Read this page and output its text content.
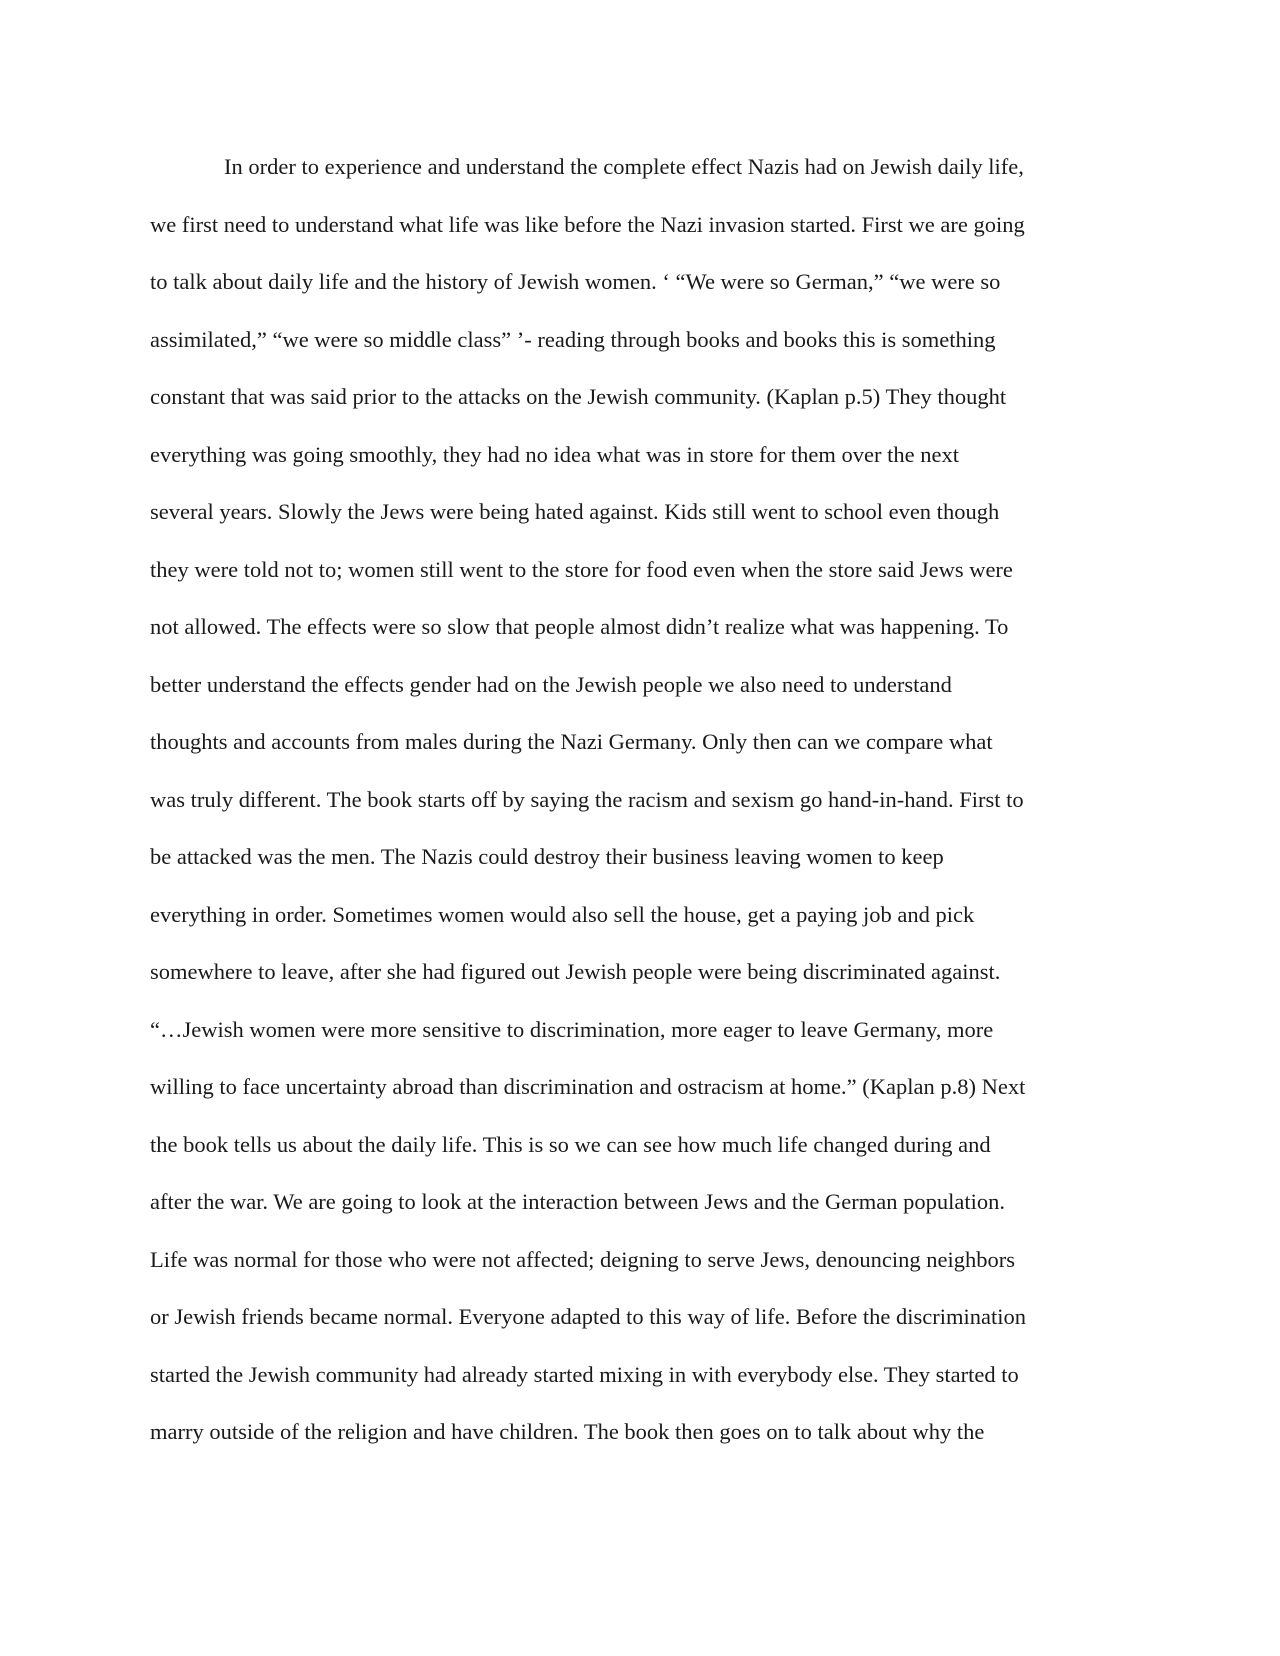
In order to experience and understand the complete effect Nazis had on Jewish daily life,
we first need to understand what life was like before the Nazi invasion started. First we are going
to talk about daily life and the history of Jewish women. ‘ “We were so German,” “we were so
assimilated,” “we were so middle class” ’- reading through books and books this is something
constant that was said prior to the attacks on the Jewish community. (Kaplan p.5) They thought
everything was going smoothly, they had no idea what was in store for them over the next
several years. Slowly the Jews were being hated against. Kids still went to school even though
they were told not to; women still went to the store for food even when the store said Jews were
not allowed. The effects were so slow that people almost didn’t realize what was happening. To
better understand the effects gender had on the Jewish people we also need to understand
thoughts and accounts from males during the Nazi Germany. Only then can we compare what
was truly different. The book starts off by saying the racism and sexism go hand-in-hand. First to
be attacked was the men. The Nazis could destroy their business leaving women to keep
everything in order. Sometimes women would also sell the house, get a paying job and pick
somewhere to leave, after she had figured out Jewish people were being discriminated against.
“…Jewish women were more sensitive to discrimination, more eager to leave Germany, more
willing to face uncertainty abroad than discrimination and ostracism at home.” (Kaplan p.8) Next
the book tells us about the daily life. This is so we can see how much life changed during and
after the war. We are going to look at the interaction between Jews and the German population.
Life was normal for those who were not affected; deigning to serve Jews, denouncing neighbors
or Jewish friends became normal. Everyone adapted to this way of life. Before the discrimination
started the Jewish community had already started mixing in with everybody else. They started to
marry outside of the religion and have children. The book then goes on to talk about why the
